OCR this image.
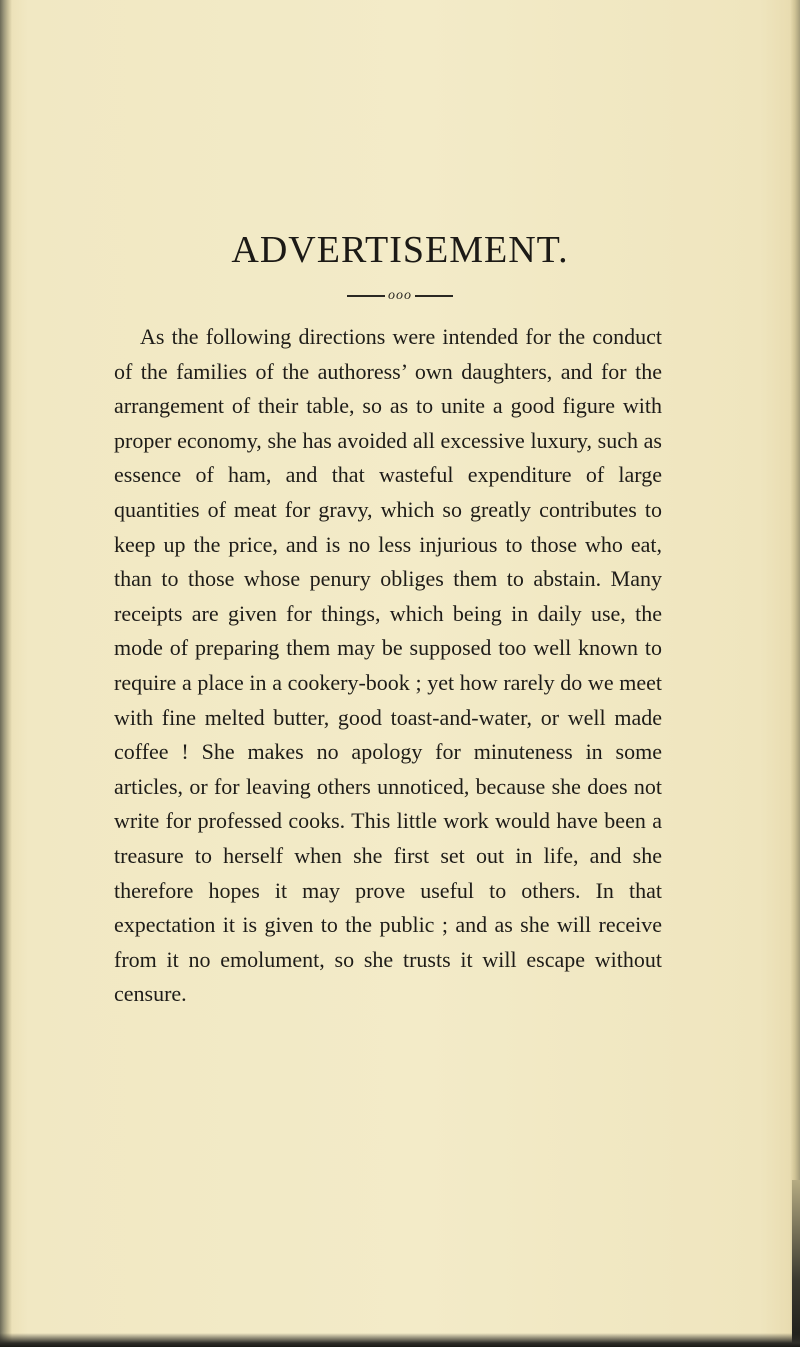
ADVERTISEMENT.
ooo

As the following directions were intended for the conduct of the families of the authoress’ own daughters, and for the arrangement of their table, so as to unite a good figure with proper economy, she has avoided all excessive luxury, such as essence of ham, and that wasteful expenditure of large quantities of meat for gravy, which so greatly contributes to keep up the price, and is no less injurious to those who eat, than to those whose penury obliges them to abstain. Many receipts are given for things, which being in daily use, the mode of preparing them may be supposed too well known to require a place in a cookery-book ; yet how rarely do we meet with fine melted butter, good toast-and-water, or well made coffee ! She makes no apology for minuteness in some articles, or for leaving others unnoticed, because she does not write for professed cooks. This little work would have been a treasure to herself when she first set out in life, and she therefore hopes it may prove useful to others. In that expectation it is given to the public ; and as she will receive from it no emolument, so she trusts it will escape without censure.
